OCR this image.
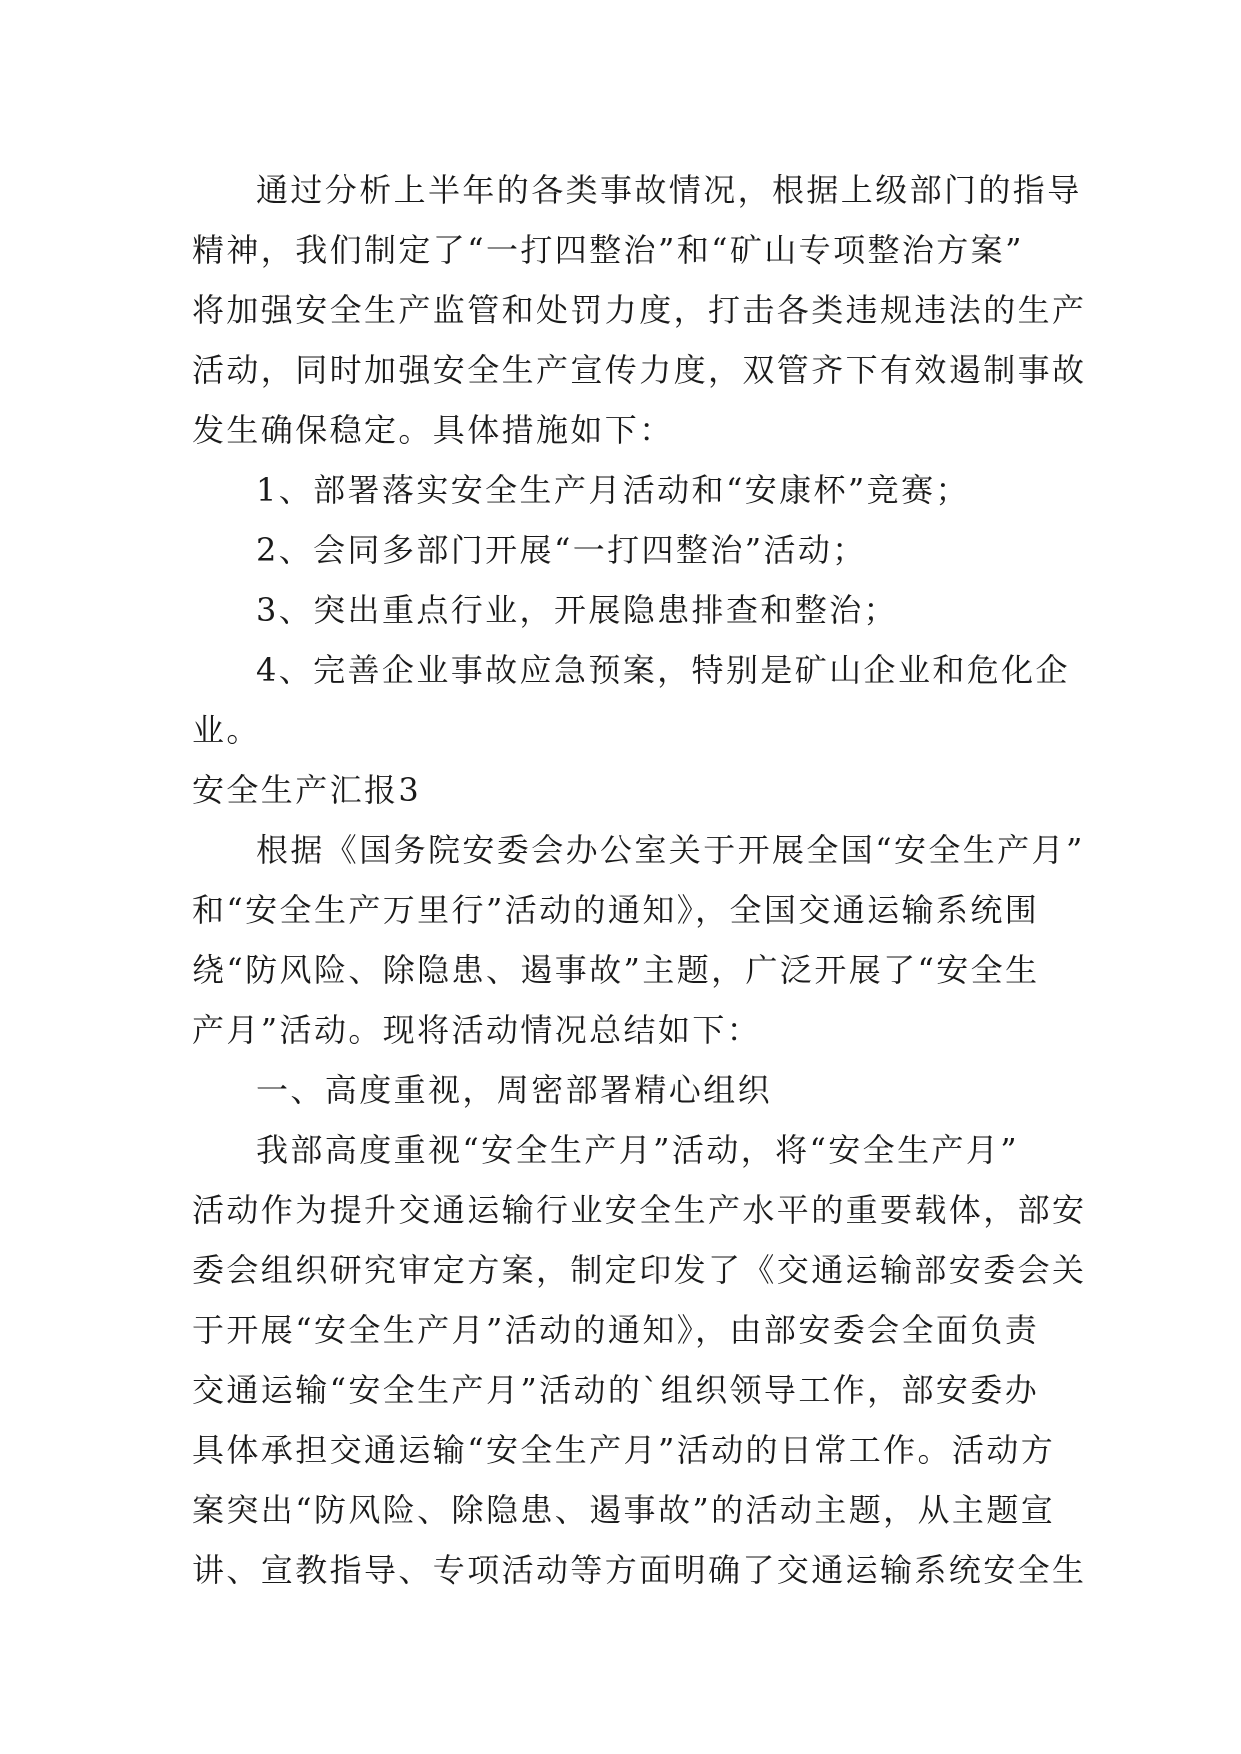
通过分析上半年的各类事故情况，根据上级部门的指导
精神，我们制定了“一打四整治”和“矿山专项整治方案”
将加强安全生产监管和处罚力度，打击各类违规违法的生产
活动，同时加强安全生产宣传力度，双管齐下有效遏制事故
发生确保稳定。具体措施如下：
1、部署落实安全生产月活动和“安康杯”竞赛；
2、会同多部门开展“一打四整治”活动；
3、突出重点行业，开展隐患排查和整治；
4、完善企业事故应急预案，特别是矿山企业和危化企
业。
安全生产汇报3
根据《国务院安委会办公室关于开展全国“安全生产月”
和“安全生产万里行”活动的通知》，全国交通运输系统围
绕“防风险、除隐患、遏事故”主题，广泛开展了“安全生
产月”活动。现将活动情况总结如下：
一、高度重视，周密部署精心组织
我部高度重视“安全生产月”活动，将“安全生产月”
活动作为提升交通运输行业安全生产水平的重要载体，部安
委会组织研究审定方案，制定印发了《交通运输部安委会关
于开展“安全生产月”活动的通知》，由部安委会全面负责
交通运输“安全生产月”活动的`组织领导工作，部安委办
具体承担交通运输“安全生产月”活动的日常工作。活动方
案突出“防风险、除隐患、遏事故”的活动主题，从主题宣
讲、宣教指导、专项活动等方面明确了交通运输系统安全生
